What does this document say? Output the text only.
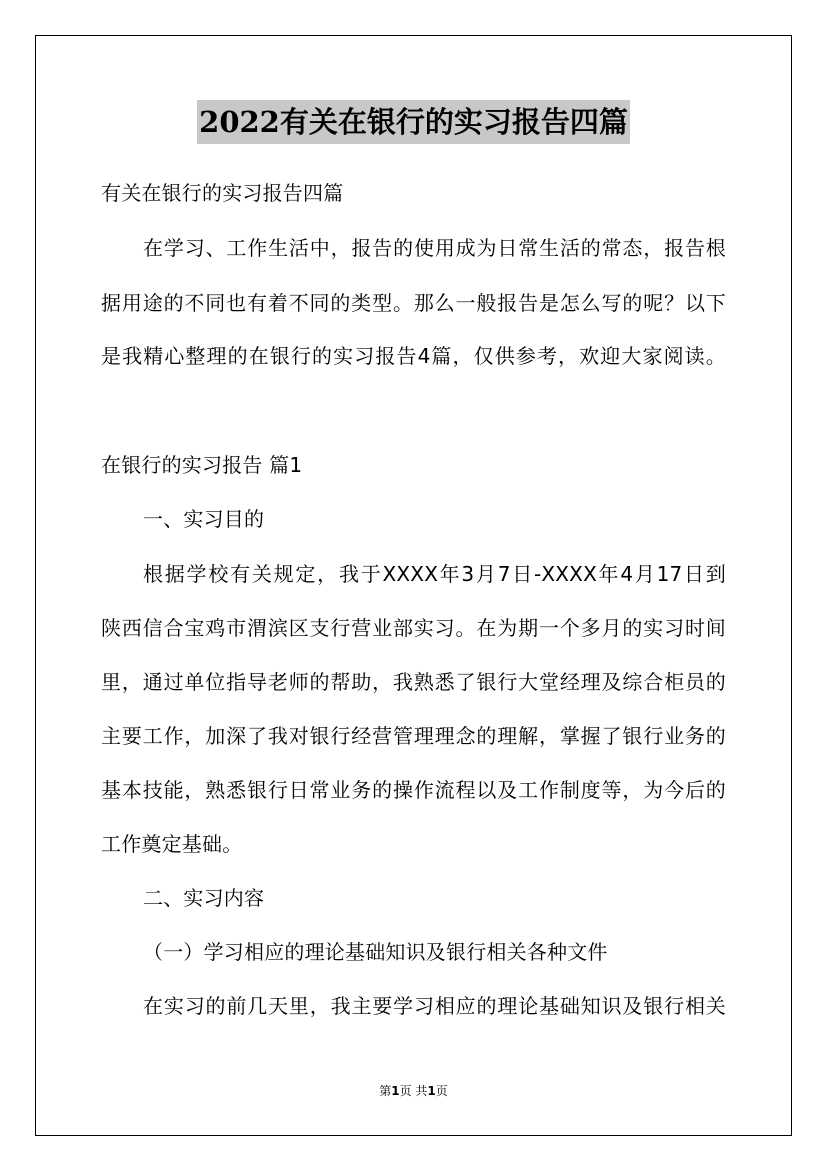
2022有关在银行的实习报告四篇
有关在银行的实习报告四篇
在学习、工作生活中，报告的使用成为日常生活的常态，报告根
据用途的不同也有着不同的类型。那么一般报告是怎么写的呢？以下
是我精心整理的在银行的实习报告4篇，仅供参考，欢迎大家阅读。
在银行的实习报告 篇1
一、实习目的
根据学校有关规定，我于XXXX年3月7日-XXXX年4月17日到
陕西信合宝鸡市渭滨区支行营业部实习。在为期一个多月的实习时间
里，通过单位指导老师的帮助，我熟悉了银行大堂经理及综合柜员的
主要工作，加深了我对银行经营管理理念的理解，掌握了银行业务的
基本技能，熟悉银行日常业务的操作流程以及工作制度等，为今后的
工作奠定基础。
二、实习内容
（一）学习相应的理论基础知识及银行相关各种文件
在实习的前几天里，我主要学习相应的理论基础知识及银行相关
第1页 共1页
